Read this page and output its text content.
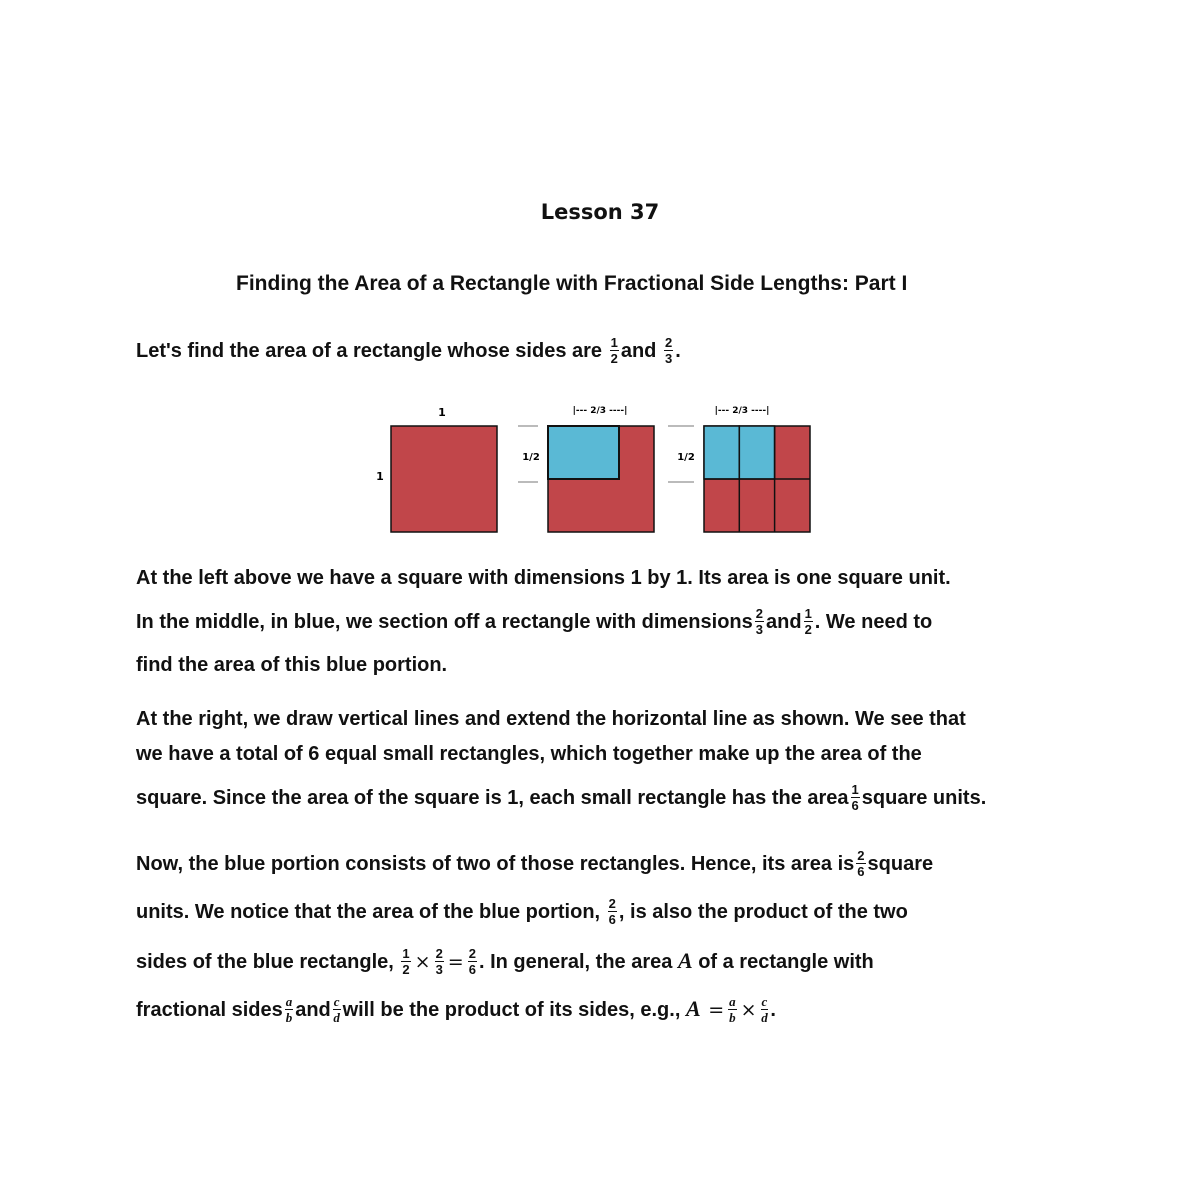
Lesson 37
Finding the Area of a Rectangle with Fractional Side Lengths: Part I
Let's find the area of a rectangle whose sides are $\frac{1}{2}$ and $\frac{2}{3}$ .
1
1
|--- 2/3 ----|
1/2
|--- 2/3 ----|
1/2
At the left above we have a square with dimensions 1 by 1. Its area is one square unit.
In the middle, in blue, we section off a rectangle with dimensions $\frac{2}{3}$ and $\frac{1}{2}$ . We need to
find the area of this blue portion.
At the right, we draw vertical lines and extend the horizontal line as shown. We see that
we have a total of 6 equal small rectangles, which together make up the area of the
square. Since the area of the square is 1, each small rectangle has the area $\frac{1}{6}$ square units.
Now, the blue portion consists of two of those rectangles. Hence, its area is $\frac{2}{6}$ square
units. We notice that the area of the blue portion, $\frac{2}{6}$ , is also the product of the two
sides of the blue rectangle, $\frac{1}{2} \times \frac{2}{3} = \frac{2}{6}$ . In general, the area A of a rectangle with
fractional sides $\frac{a}{b}$ and $\frac{c}{d}$ will be the product of its sides, e.g., $A = \frac{a}{b} \times \frac{c}{d}$ .
